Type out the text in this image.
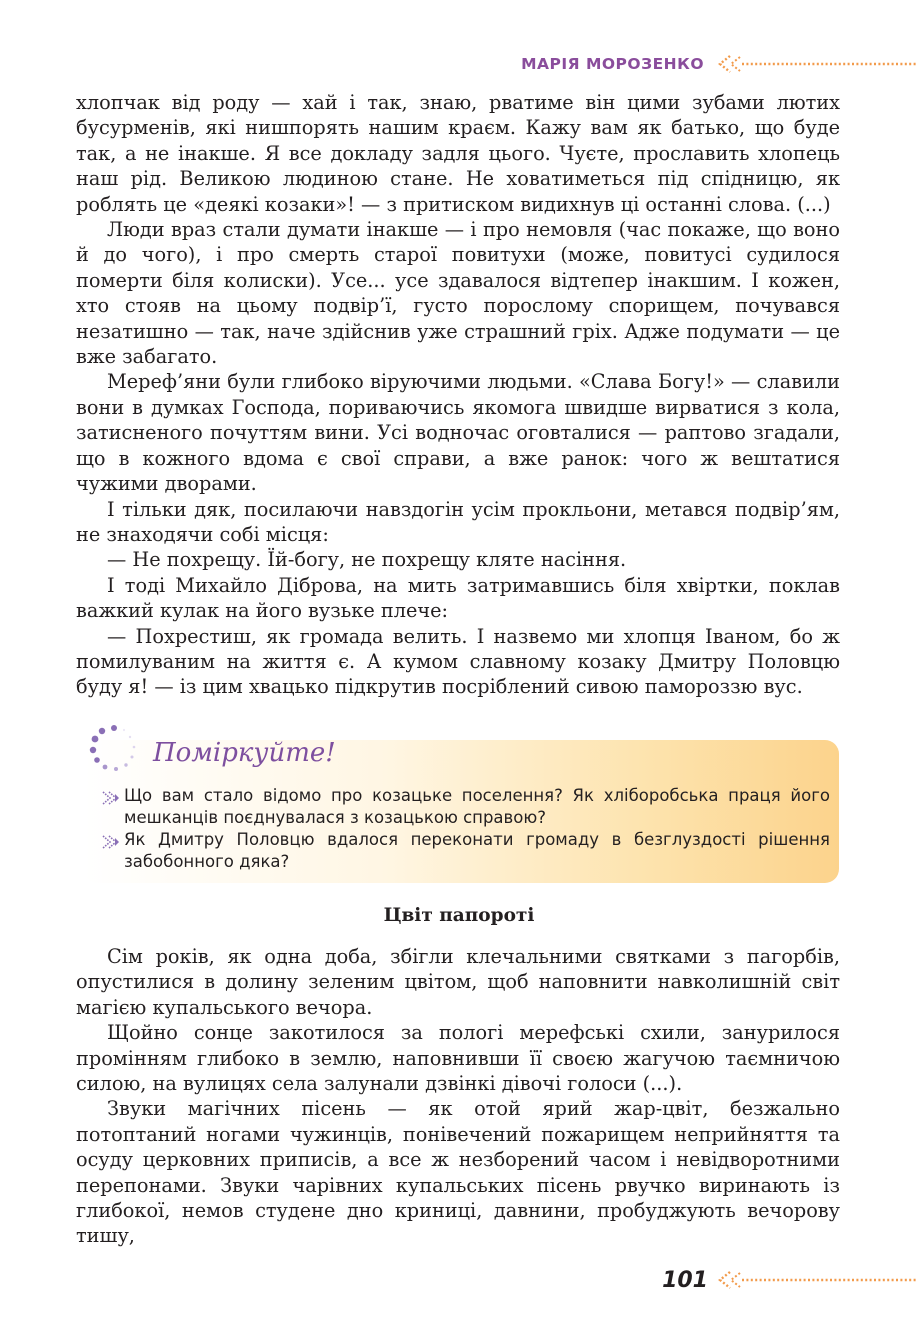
МАРІЯ МОРОЗЕНКО

хлопчак від роду — хай і так, знаю, рватиме він цими зубами лютих бусурменів, які нишпорять нашим краєм. Кажу вам як батько, що буде так, а не інакше. Я все докладу задля цього. Чуєте, прославить хлопець наш рід. Великою людиною стане. Не ховатиметься під спідницю, як роблять це «деякі козаки»! — з притиском видихнув ці останні слова. (...)

Люди враз стали думати інакше — і про немовля (час покаже, що воно й до чого), і про смерть старої повитухи (може, повитусі судилося померти біля колиски). Усе... усе здавалося відтепер інакшим. І кожен, хто стояв на цьому подвір’ї, густо порослому спорищем, почувався незатишно — так, наче здійснив уже страшний гріх. Адже подумати — це вже забагато.

Мереф’яни були глибоко віруючими людьми. «Слава Богу!» — славили вони в думках Господа, пориваючись якомога швидше вирватися з кола, затисненого почуттям вини. Усі водночас оговталися — раптово згадали, що в кожного вдома є свої справи, а вже ранок: чого ж вештатися чужими дворами.

І тільки дяк, посилаючи навздогін усім прокльони, метався подвір’ям, не знаходячи собі місця:

— Не похрещу. Їй-богу, не похрещу кляте насіння.

І тоді Михайло Діброва, на мить затримавшись біля хвіртки, поклав важкий кулак на його вузьке плече:

— Похрестиш, як громада велить. І назвемо ми хлопця Іваном, бо ж помилуваним на життя є. А кумом славному козаку Дмитру Половцю буду я! — із цим хвацько підкрутив посріблений сивою памороззю вус.

Поміркуйте!
Що вам стало відомо про козацьке поселення? Як хліборобська праця його мешканців поєднувалася з козацькою справою?
Як Дмитру Половцю вдалося переконати громаду в безглуздості рішення забобонного дяка?
Цвіт папороті

Сім років, як одна доба, збігли клечальними святками з пагорбів, опустилися в долину зеленим цвітом, щоб наповнити навколишній світ магією купальського вечора.

Щойно сонце закотилося за пологі мерефські схили, занурилося промінням глибоко в землю, наповнивши її своєю жагучою таємничою силою, на вулицях села залунали дзвінкі дівочі голоси (...).

Звуки магічних пісень — як отой ярий жар-цвіт, безжально потоптаний ногами чужинців, понівечений пожарищем неприйняття та осуду церковних приписів, а все ж незборений часом і невідворотними перепонами. Звуки чарівних купальських пісень рвучко виринають із глибокої, немов студене дно криниці, давнини, пробуджують вечорову тишу,

101
